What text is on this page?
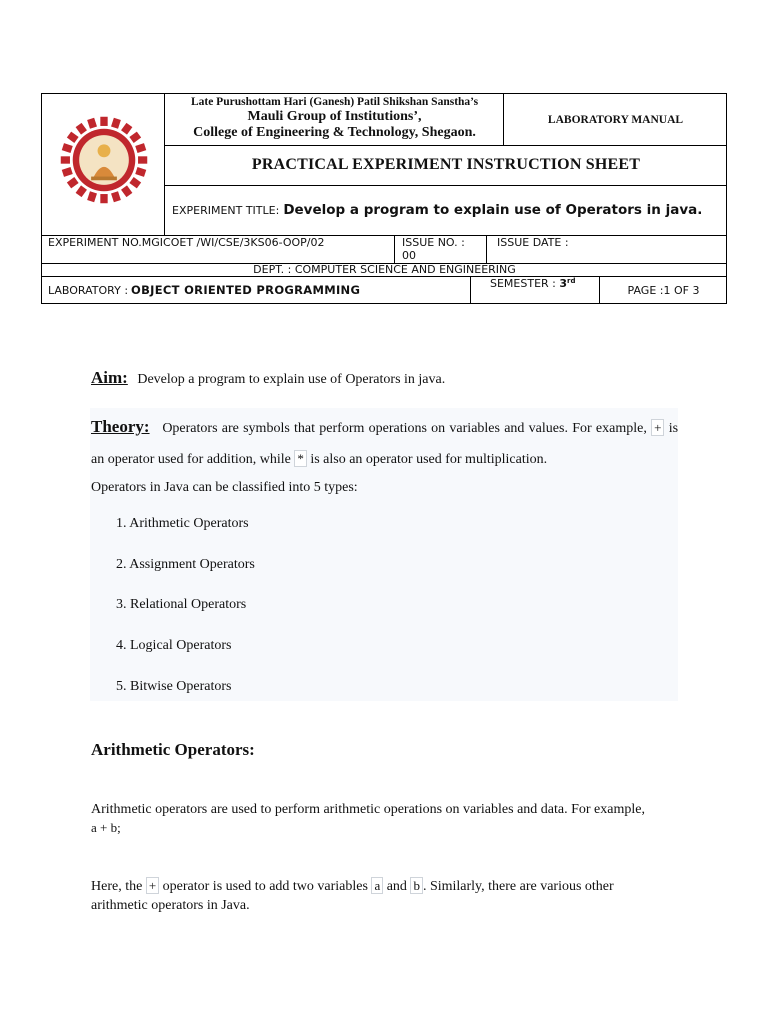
Late Purushottam Hari (Ganesh) Patil Shikshan Sanstha’s
Mauli Group of Institutions’,
College of Engineering & Technology, Shegaon.
LABORATORY MANUAL
PRACTICAL EXPERIMENT INSTRUCTION SHEET
EXPERIMENT TITLE: Develop a program to explain use of Operators in java.
EXPERIMENT NO.MGICOET /WI/CSE/3KS06-OOP/02	ISSUE NO. :
00
ISSUE DATE :
DEPT. : COMPUTER SCIENCE AND ENGINEERING
LABORATORY : OBJECT ORIENTED PROGRAMMING	SEMESTER : 3rd
PAGE :1 OF 3
Aim: Develop a program to explain use of Operators in java.
Theory: Operators are symbols that perform operations on variables and values. For example, + is an operator used for addition, while * is also an operator used for multiplication.
Operators in Java can be classified into 5 types:
1. Arithmetic Operators
2. Assignment Operators
3. Relational Operators
4. Logical Operators
5. Bitwise Operators
Arithmetic Operators:
Arithmetic operators are used to perform arithmetic operations on variables and data. For example, a + b;
Here, the + operator is used to add two variables a and b . Similarly, there are various other arithmetic operators in Java.
